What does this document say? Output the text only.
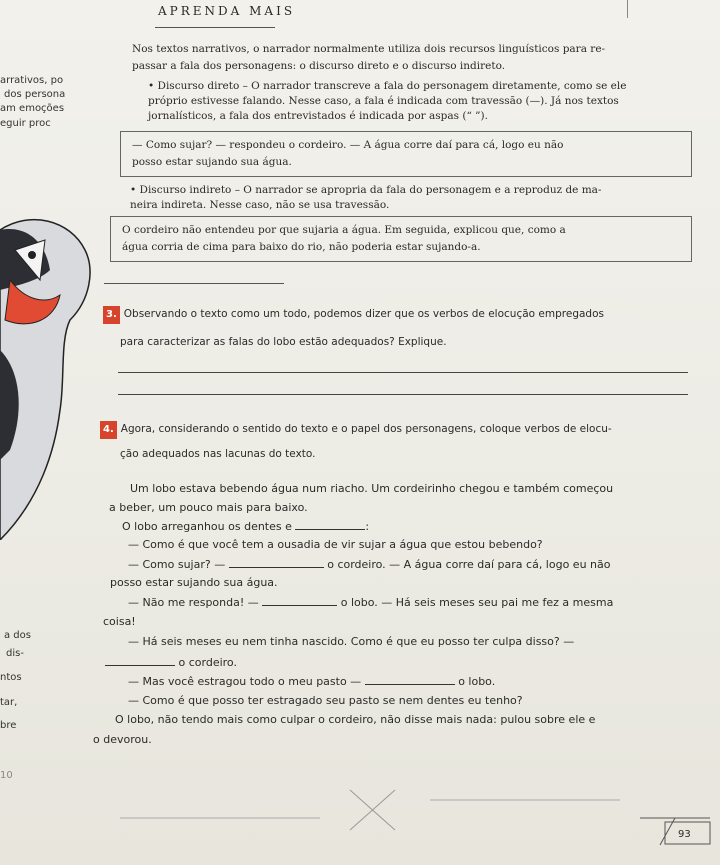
APRENDA MAIS
arrativos, po
dos persona
am emoções
eguir proc
a dos
dis-
ntos
tar,
bre
10
Nos textos narrativos, o narrador normalmente utiliza dois recursos linguísticos para re-
passar a fala dos personagens: o discurso direto e o discurso indireto.
• Discurso direto – O narrador transcreve a fala do personagem diretamente, como se ele
próprio estivesse falando. Nesse caso, a fala é indicada com travessão (—). Já nos textos
jornalísticos, a fala dos entrevistados é indicada por aspas (“ ”).
— Como sujar? — respondeu o cordeiro. — A água corre daí para cá, logo eu não
posso estar sujando sua água.
• Discurso indireto – O narrador se apropria da fala do personagem e a reproduz de ma-
neira indireta. Nesse caso, não se usa travessão.
O cordeiro não entendeu por que sujaria a água. Em seguida, explicou que, como a
água corria de cima para baixo do rio, não poderia estar sujando-a.
3. Observando o texto como um todo, podemos dizer que os verbos de elocução empregados
para caracterizar as falas do lobo estão adequados? Explique.
4. Agora, considerando o sentido do texto e o papel dos personagens, coloque verbos de elocu-
ção adequados nas lacunas do texto.
Um lobo estava bebendo água num riacho. Um cordeirinho chegou e também começou
a beber, um pouco mais para baixo.
O lobo arreganhou os dentes e	:
— Como é que você tem a ousadia de vir sujar a água que estou bebendo?
— Como sujar? —	o cordeiro. — A água corre daí para cá, logo eu não
posso estar sujando sua água.
— Não me responda! —	o lobo. — Há seis meses seu pai me fez a mesma
coisa!
— Há seis meses eu nem tinha nascido. Como é que eu posso ter culpa disso? —
o cordeiro.
— Mas você estragou todo o meu pasto —	o lobo.
— Como é que posso ter estragado seu pasto se nem dentes eu tenho?
O lobo, não tendo mais como culpar o cordeiro, não disse mais nada: pulou sobre ele e
o devorou.
93
